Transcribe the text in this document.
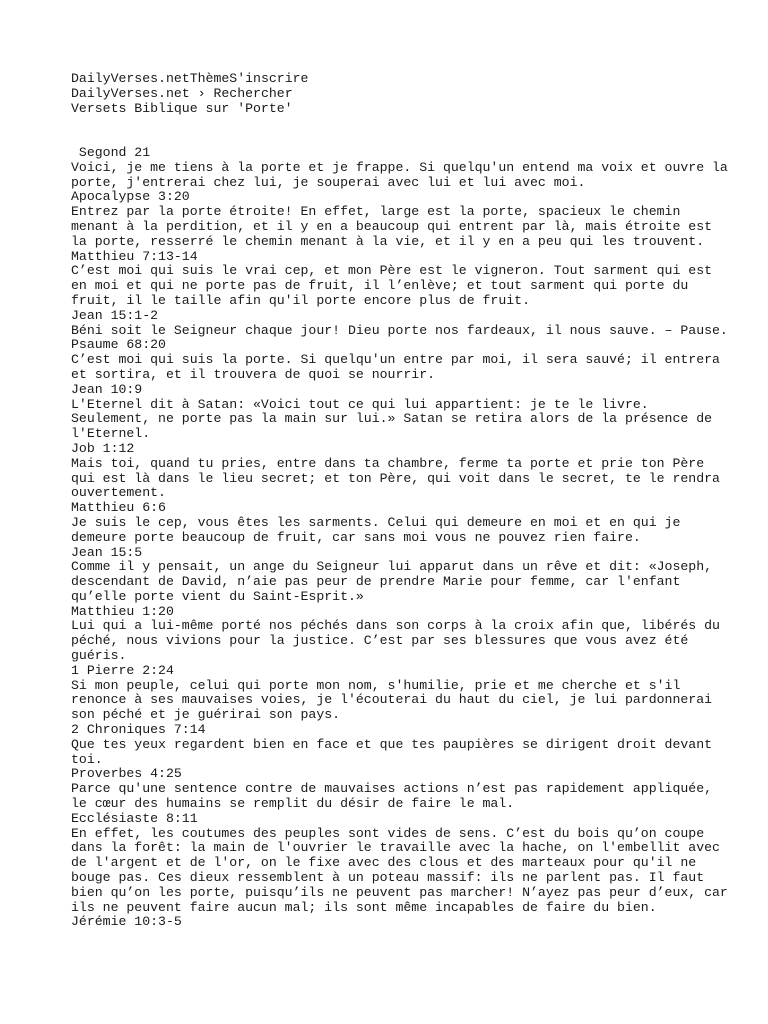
DailyVerses.netThèmeS'inscrire
DailyVerses.net › Rechercher
Versets Biblique sur 'Porte'
Segond 21
Voici, je me tiens à la porte et je frappe. Si quelqu'un entend ma voix et ouvre la
porte, j'entrerai chez lui, je souperai avec lui et lui avec moi.
Apocalypse 3:20
Entrez par la porte étroite! En effet, large est la porte, spacieux le chemin
menant à la perdition, et il y en a beaucoup qui entrent par là, mais étroite est
la porte, resserré le chemin menant à la vie, et il y en a peu qui les trouvent.
Matthieu 7:13-14
C’est moi qui suis le vrai cep, et mon Père est le vigneron. Tout sarment qui est
en moi et qui ne porte pas de fruit, il l’enlève; et tout sarment qui porte du
fruit, il le taille afin qu'il porte encore plus de fruit.
Jean 15:1-2
Béni soit le Seigneur chaque jour! Dieu porte nos fardeaux, il nous sauve. – Pause.
Psaume 68:20
C’est moi qui suis la porte. Si quelqu'un entre par moi, il sera sauvé; il entrera
et sortira, et il trouvera de quoi se nourrir.
Jean 10:9
L'Eternel dit à Satan: «Voici tout ce qui lui appartient: je te le livre.
Seulement, ne porte pas la main sur lui.» Satan se retira alors de la présence de
l'Eternel.
Job 1:12
Mais toi, quand tu pries, entre dans ta chambre, ferme ta porte et prie ton Père
qui est là dans le lieu secret; et ton Père, qui voit dans le secret, te le rendra
ouvertement.
Matthieu 6:6
Je suis le cep, vous êtes les sarments. Celui qui demeure en moi et en qui je
demeure porte beaucoup de fruit, car sans moi vous ne pouvez rien faire.
Jean 15:5
Comme il y pensait, un ange du Seigneur lui apparut dans un rêve et dit: «Joseph,
descendant de David, n’aie pas peur de prendre Marie pour femme, car l'enfant
qu’elle porte vient du Saint-Esprit.»
Matthieu 1:20
Lui qui a lui-même porté nos péchés dans son corps à la croix afin que, libérés du
péché, nous vivions pour la justice. C’est par ses blessures que vous avez été
guéris.
1 Pierre 2:24
Si mon peuple, celui qui porte mon nom, s'humilie, prie et me cherche et s'il
renonce à ses mauvaises voies, je l'écouterai du haut du ciel, je lui pardonnerai
son péché et je guérirai son pays.
2 Chroniques 7:14
Que tes yeux regardent bien en face et que tes paupières se dirigent droit devant
toi.
Proverbes 4:25
Parce qu'une sentence contre de mauvaises actions n’est pas rapidement appliquée,
le cœur des humains se remplit du désir de faire le mal.
Ecclésiaste 8:11
En effet, les coutumes des peuples sont vides de sens. C’est du bois qu’on coupe
dans la forêt: la main de l'ouvrier le travaille avec la hache, on l'embellit avec
de l'argent et de l'or, on le fixe avec des clous et des marteaux pour qu'il ne
bouge pas. Ces dieux ressemblent à un poteau massif: ils ne parlent pas. Il faut
bien qu’on les porte, puisqu’ils ne peuvent pas marcher! N’ayez pas peur d’eux, car
ils ne peuvent faire aucun mal; ils sont même incapables de faire du bien.
Jérémie 10:3-5
